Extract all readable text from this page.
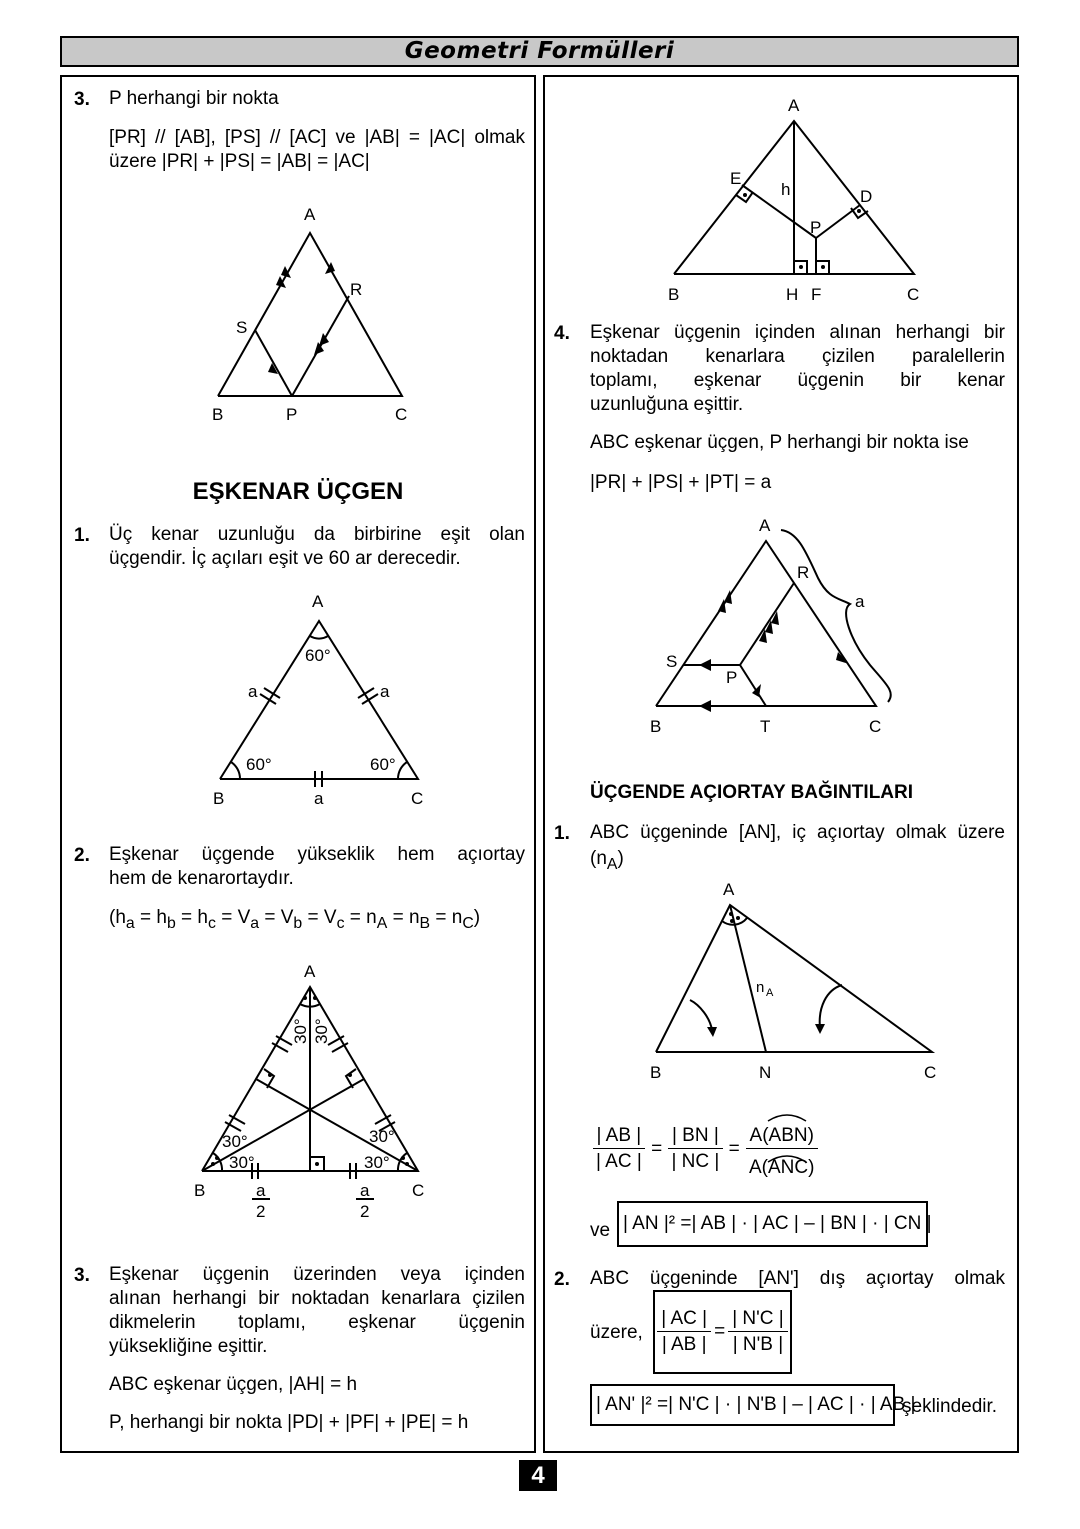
Geometri Formülleri
3. P herhangi bir nokta
[PR] // [AB], [PS] // [AC] ve |AB| = |AC| olmak
üzere |PR| + |PS| = |AB| = |AC|
A
R
S
B	P	C
EŞKENAR ÜÇGEN
1. Üç kenar uzunluğu da birbirine eşit olan
üçgendir. İç açıları eşit ve 60 ar derecedir.
A
60°
a	a
60°	60°
B	a	C
2. Eşkenar üçgende yükseklik hem açıortay
hem de kenarortaydır.
$(h_a = h_b = h_c = V_a = V_b = V_c = n_A = n_B = n_C)$
A
30° 30°
30°
30°
30°
30°
B	C
a
2
a
2
3. Eşkenar üçgenin üzerinden veya içinden
alınan herhangi bir noktadan kenarlara çizilen
dikmelerin toplamı, eşkenar üçgenin
yüksekliğine eşittir.
ABC eşkenar üçgen, |AH| = h
P, herhangi bir nokta |PD| + |PF| + |PE| = h
A
E
h	D
P
B	H F	C
4. Eşkenar üçgenin içinden alınan herhangi bir
noktadan kenarlara çizilen paralellerin
toplamı, eşkenar üçgenin bir kenar
uzunluğuna eşittir.
ABC eşkenar üçgen, P herhangi bir nokta ise
|PR| + |PS| + |PT| = a
A
R
a
S
P
B	T	C
ÜÇGENDE AÇIORTAY BAĞINTILARI
1. ABC üçgeninde [AN], iç açıortay olmak üzere
$(n_A)$
A
n A
B	N	C
$\frac{| AB |}{| AC |} = \frac{| BN |}{| NC |} = \frac{\text{A(ABN)}}{\text{A(ANC)}}$
ve | AN |² =| AB | · | AC | – | BN | · | CN |
2. ABC üçgeninde [AN'] dış açıortay olmak
üzere, $\frac{| AC |}{| AB |} = \frac{| N'C |}{| N'B |}$
| AN' |² =| N'C | · | N'B | – | AC | · | AB |
şeklindedir.
4
